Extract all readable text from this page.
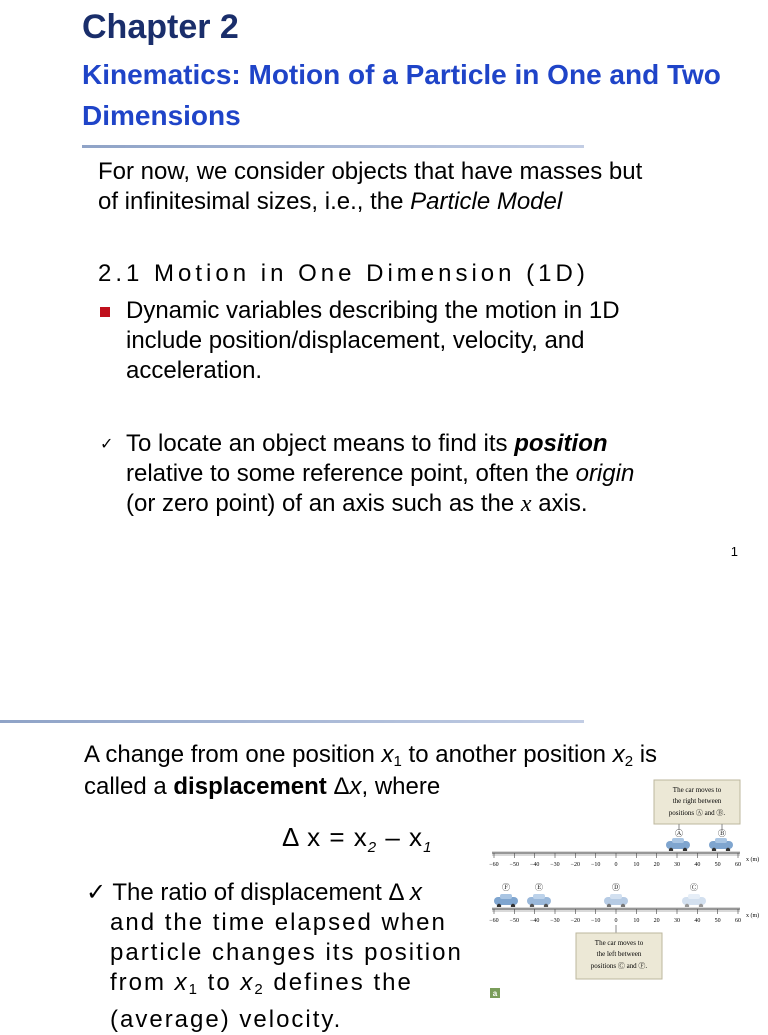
Chapter 2
Kinematics: Motion of a Particle in One and Two Dimensions
For now, we consider objects that have masses but
of infinitesimal sizes, i.e., the Particle Model
2.1 Motion in One Dimension (1D)
Dynamic variables describing the motion in 1D
include position/displacement, velocity, and
acceleration.
✓ To locate an object means to find its position
relative to some reference point, often the origin
(or zero point) of an axis such as the x axis.
1
A change from one position $x_1$ to another position $x_2$ is
called a displacement Δx, where
Δ $x = x_2 - x_1$
✓ The ratio of displacement Δ x
and the time elapsed when
particle changes its position
from $x_1$ to $x_2$ defines the
(average) velocity.
The car moves to
the right between
positions Ⓐ and Ⓑ.
Ⓐ	Ⓑ
−60 −50 −40 −30 −20 −10 0	10 20 30 40 50 60
x (m)
Ⓕ	Ⓔ	Ⓓ	Ⓒ
−60 −50 −40 −30 −20 −10 0	10 20 30 40 50 60
x (m)
The car moves to
the left between
positions Ⓒ and Ⓕ.
a
